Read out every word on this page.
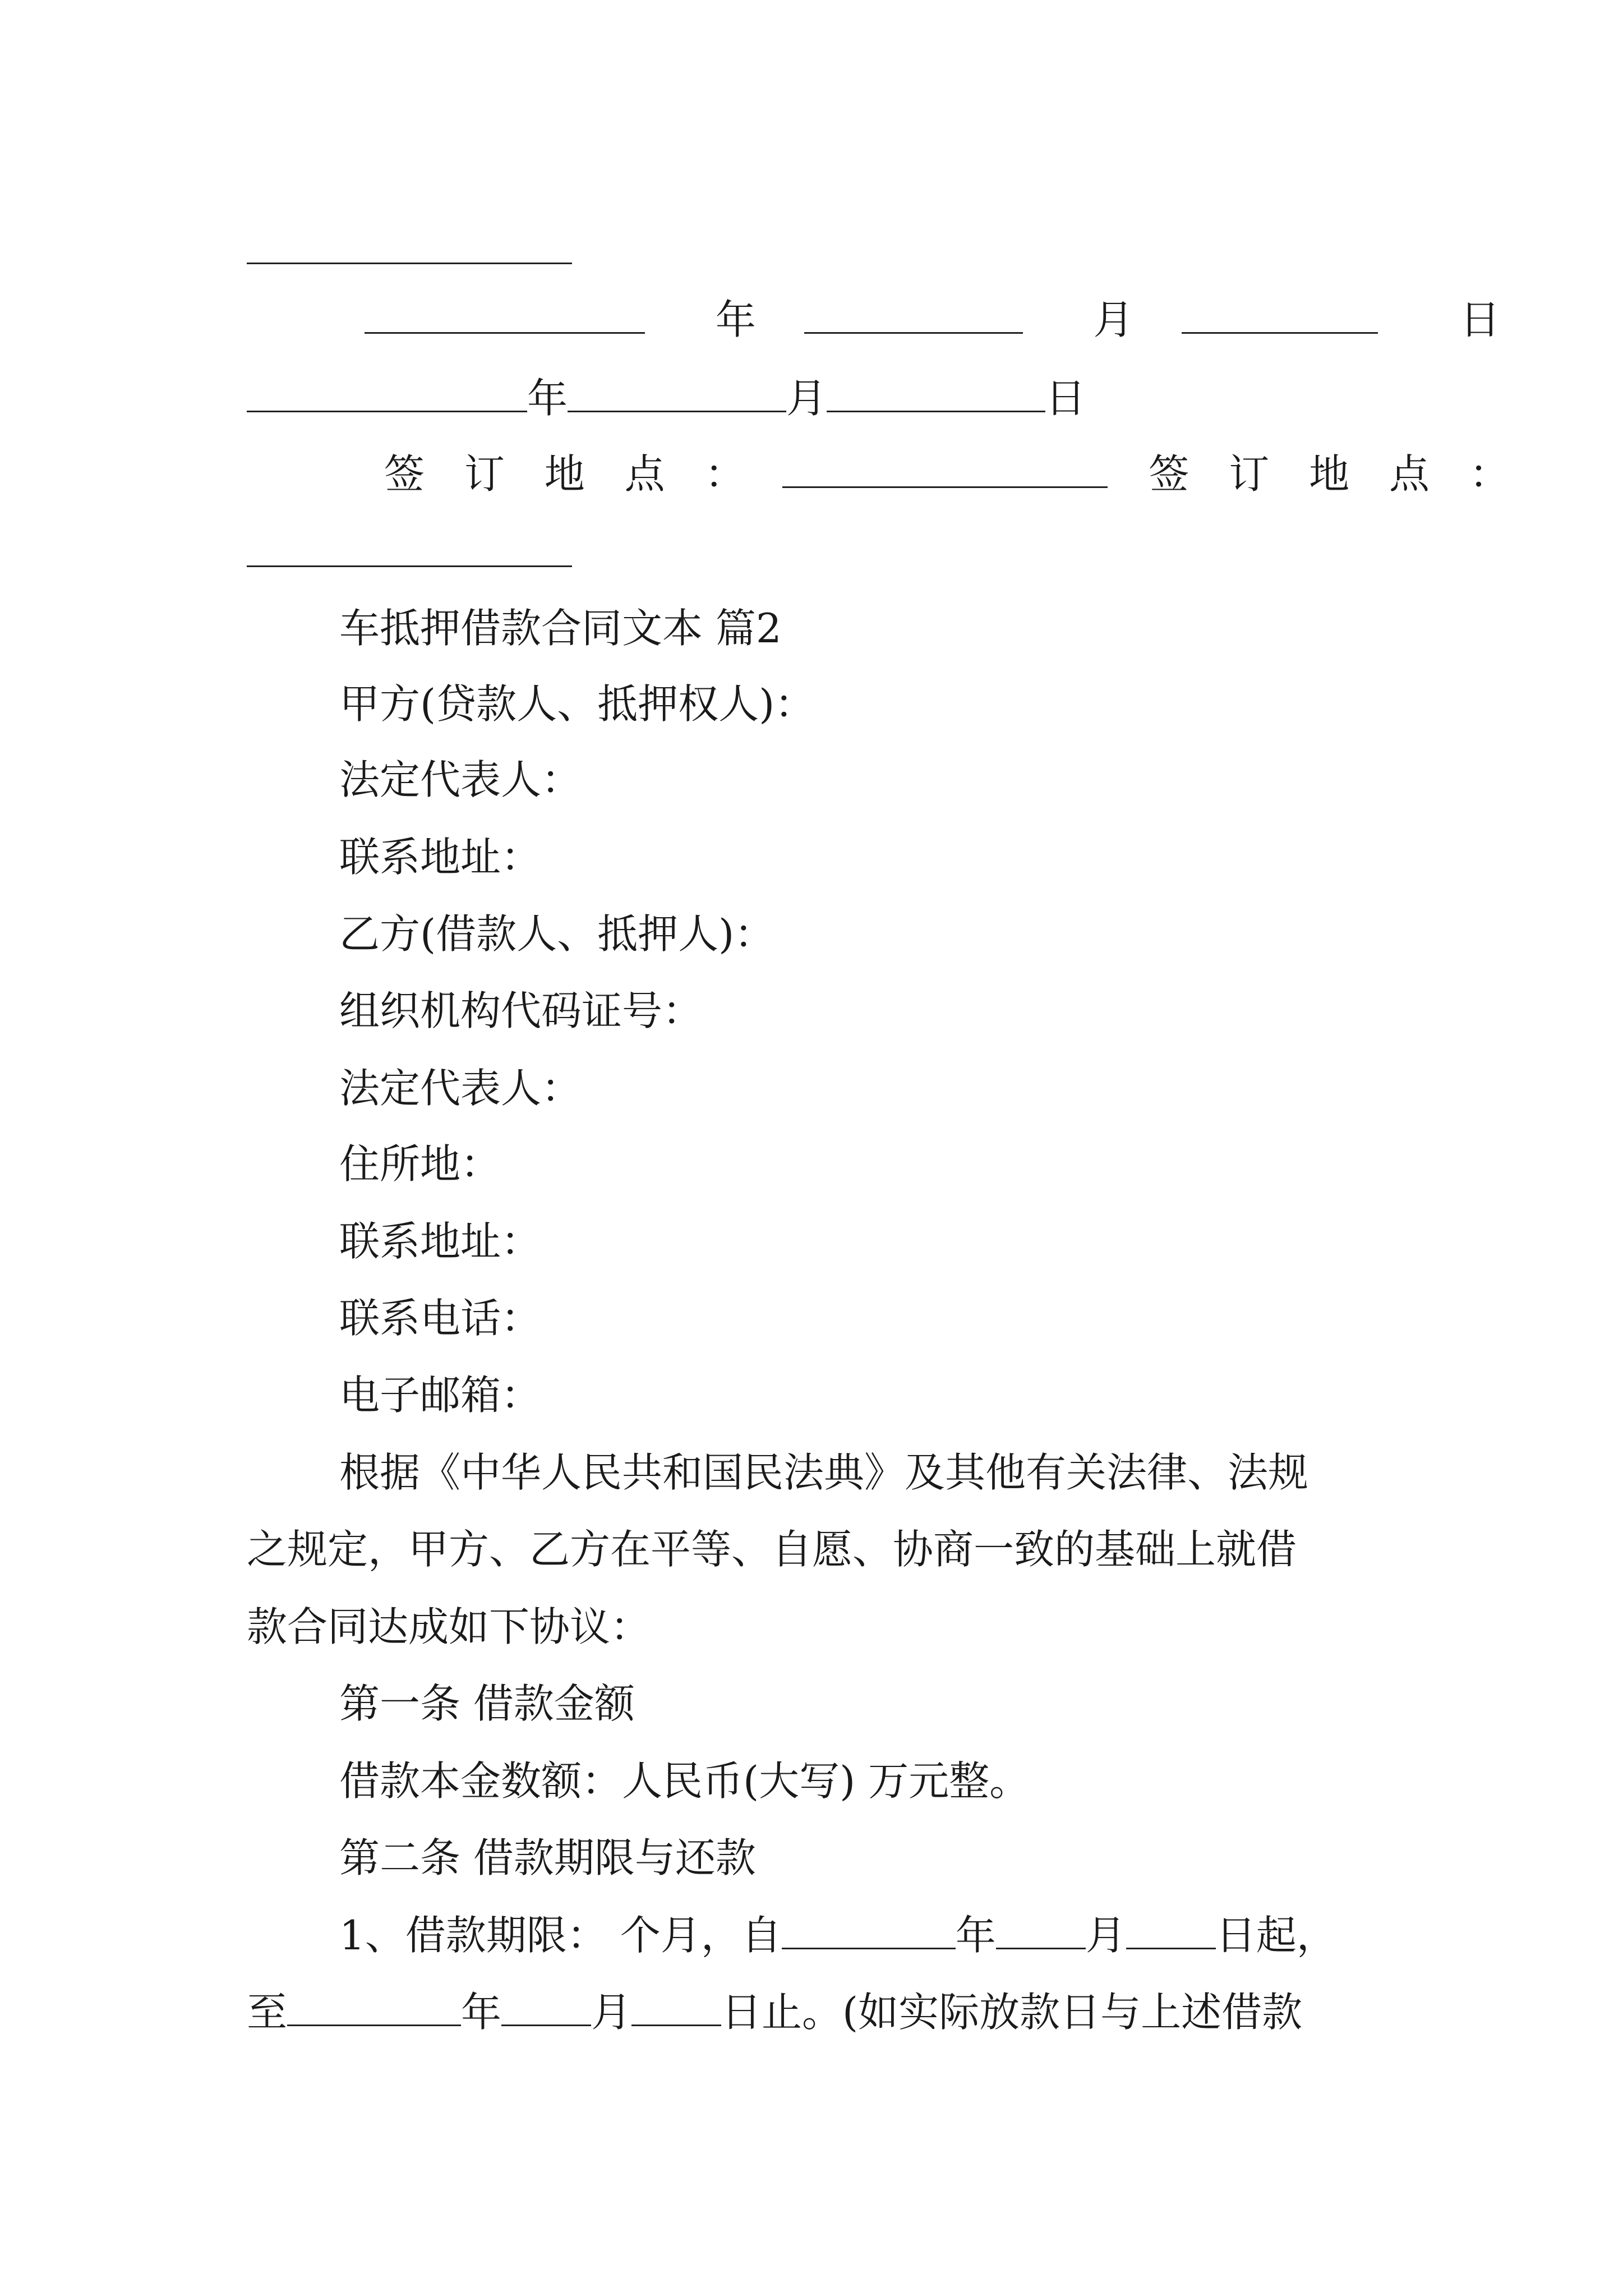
年	月	日
年	月	日
签 订 地 点 ：	签 订 地 点 ：
车抵押借款合同文本 篇2
甲方(贷款人、抵押权人)：
法定代表人：
联系地址：
乙方(借款人、抵押人)：
组织机构代码证号：
法定代表人：
住所地：
联系地址：
联系电话：
电子邮箱：
根据《中华人民共和国民法典》及其他有关法律、法规
之规定，甲方、乙方在平等、自愿、协商一致的基础上就借
款合同达成如下协议：
第一条 借款金额
借款本金数额：人民币(大写) 万元整。
第二条 借款期限与还款
1、借款期限： 个月，自	年 月 日起，
至	年 月 日止。(如实际放款日与上述借款
